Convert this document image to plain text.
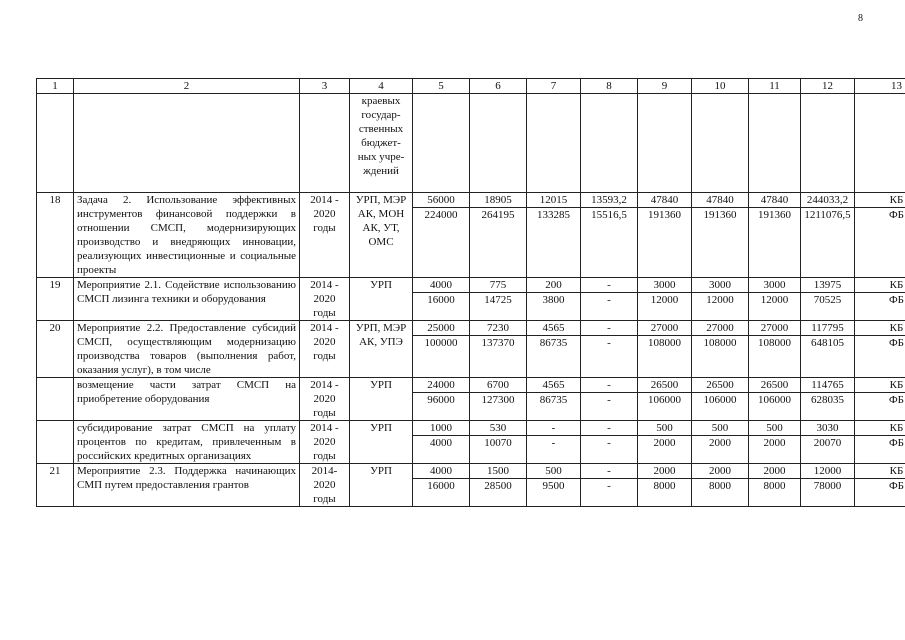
8
1	2	3	4	5	6	7	8	9	10	11	12	13
			краевых государ-ственных бюджет-ных учре-ждений									
18	Задача 2. Использование эффективных инструментов финансовой поддержки в отношении СМСП, модернизирующих производство и внедряющих инновации, реализующих инвестиционные и социальные проекты	2014 - 2020 годы	УРП, МЭР АК, МОН АК, УТ, ОМС	56000	18905	12015	13593,2	47840	47840	47840	244033,2	КБ
				224000	264195	133285	15516,5	191360	191360	191360	1211076,5	ФБ
19	Мероприятие 2.1. Содействие использованию СМСП лизинга техники и оборудования	2014 - 2020 годы	УРП	4000	775	200	-	3000	3000	3000	13975	КБ
				16000	14725	3800	-	12000	12000	12000	70525	ФБ
20	Мероприятие 2.2. Предоставление субсидий СМСП, осуществляющим модернизацию производства товаров (выполнения работ, оказания услуг), в том числе	2014 - 2020 годы	УРП, МЭР АК, УПЭ	25000	7230	4565	-	27000	27000	27000	117795	КБ
				100000	137370	86735	-	108000	108000	108000	648105	ФБ
	возмещение части затрат СМСП на приобретение оборудования	2014 - 2020 годы	УРП	24000	6700	4565	-	26500	26500	26500	114765	КБ
				96000	127300	86735	-	106000	106000	106000	628035	ФБ
	субсидирование затрат СМСП на уплату процентов по кредитам, привлеченным в российских кредитных организациях	2014 - 2020 годы	УРП	1000	530	-	-	500	500	500	3030	КБ
				4000	10070	-	-	2000	2000	2000	20070	ФБ
21	Мероприятие 2.3. Поддержка начинающих СМП путем предоставления грантов	2014- 2020 годы	УРП	4000	1500	500	-	2000	2000	2000	12000	КБ
				16000	28500	9500	-	8000	8000	8000	78000	ФБ
